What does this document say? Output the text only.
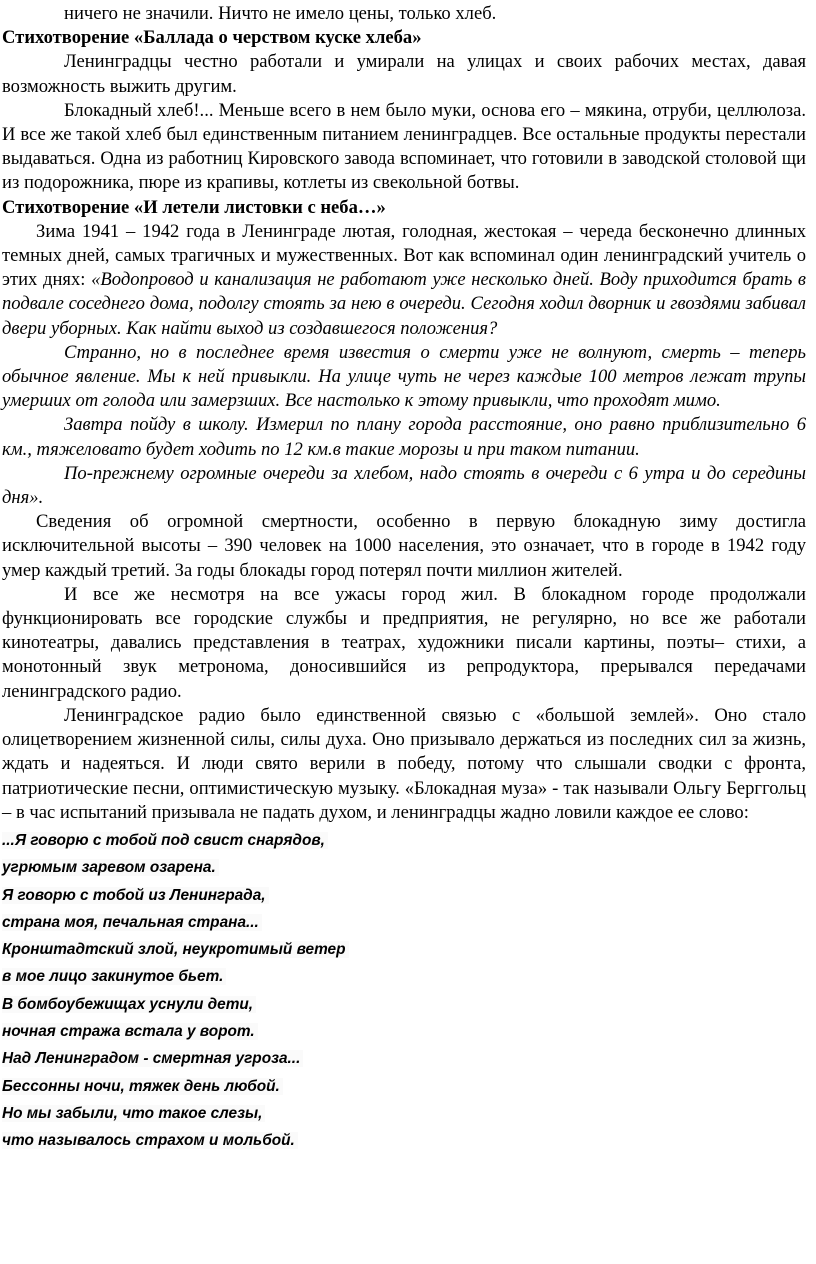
ничего не значили. Ничто не имело цены, только хлеб.

Стихотворение «Баллада о черством куске хлеба»

Ленинградцы честно работали и умирали на улицах и своих рабочих местах, давая возможность выжить другим.

Блокадный хлеб!... Меньше всего в нем было муки, основа его – мякина, отруби, целлюлоза. И все же такой хлеб был единственным питанием ленинградцев. Все остальные продукты перестали выдаваться. Одна из работниц Кировского завода вспоминает, что готовили в заводской столовой щи из подорожника, пюре из крапивы, котлеты из свекольной ботвы.

Стихотворение «И летели листовки с неба…»

Зима 1941 – 1942 года в Ленинграде лютая, голодная, жестокая – череда бесконечно длинных темных дней, самых трагичных и мужественных. Вот как вспоминал один ленинградский учитель о этих днях: «Водопровод и канализация не работают уже несколько дней. Воду приходится брать в подвале соседнего дома, подолгу стоять за нею в очереди. Сегодня ходил дворник и гвоздями забивал двери уборных. Как найти выход из создавшегося положения?

Странно, но в последнее время известия о смерти уже не волнуют, смерть – теперь обычное явление. Мы к ней привыкли. На улице чуть не через каждые 100 метров лежат трупы умерших от голода или замерзших. Все настолько к этому привыкли, что проходят мимо.

Завтра пойду в школу. Измерил по плану города расстояние, оно равно приблизительно 6 км., тяжеловато будет ходить по 12 км.в такие морозы и при таком питании.

По-прежнему огромные очереди за хлебом, надо стоять в очереди с 6 утра и до середины дня».

Сведения об огромной смертности, особенно в первую блокадную зиму достигла исключительной высоты – 390 человек на 1000 населения, это означает, что в городе в 1942 году умер каждый третий. За годы блокады город потерял почти миллион жителей.

И все же несмотря на все ужасы город жил. В блокадном городе продолжали функционировать все городские службы и предприятия, не регулярно, но все же работали кинотеатры, давались представления в театрах, художники писали картины, поэты– стихи, а монотонный звук метронома, доносившийся из репродуктора, прерывался передачами ленинградского радио.

Ленинградское радио было единственной связью с «большой землей». Оно стало олицетворением жизненной силы, силы духа. Оно призывало держаться из последних сил за жизнь, ждать и надеяться. И люди свято верили в победу, потому что слышали сводки с фронта, патриотические песни, оптимистическую музыку. «Блокадная муза» - так называли Ольгу Берггольц – в час испытаний призывала не падать духом, и ленинградцы жадно ловили каждое ее слово:

...Я говорю с тобой под свист снарядов,
угрюмым заревом озарена.
Я говорю с тобой из Ленинграда,
страна моя, печальная страна...
Кронштадтский злой, неукротимый ветер
в мое лицо закинутое бьет.
В бомбоубежищах уснули дети,
ночная стража встала у ворот.
Над Ленинградом - смертная угроза...
Бессонны ночи, тяжек день любой.
Но мы забыли, что такое слезы,
что называлось страхом и мольбой.
